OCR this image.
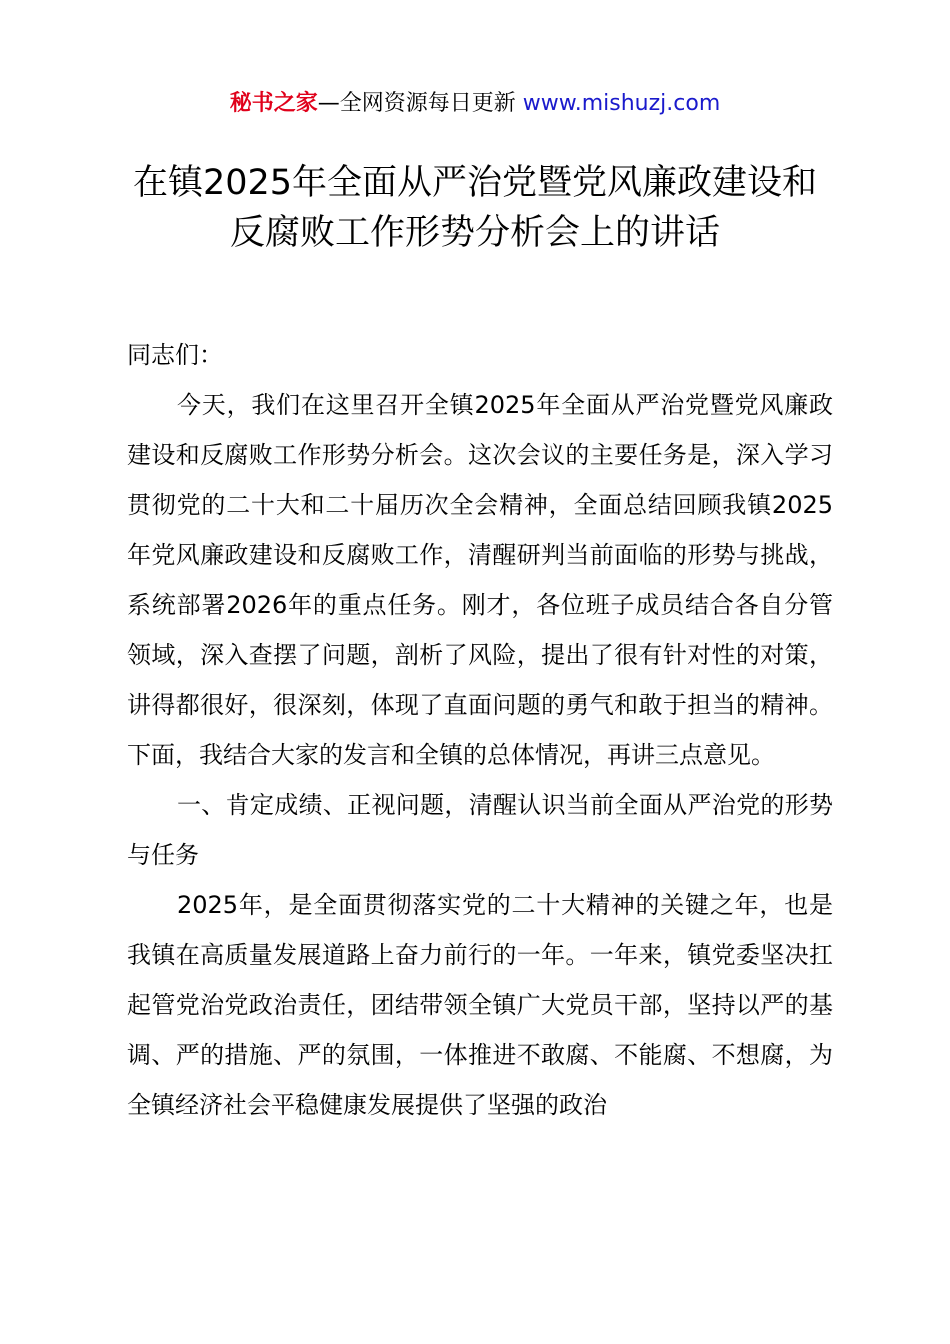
秘书之家—全网资源每日更新 www.mishuzj.com
在镇2025年全面从严治党暨党风廉政建设和
反腐败工作形势分析会上的讲话

同志们：

今天，我们在这里召开全镇2025年全面从严治党暨党风廉政建设和反腐败工作形势分析会。这次会议的主要任务是，深入学习贯彻党的二十大和二十届历次全会精神，全面总结回顾我镇2025年党风廉政建设和反腐败工作，清醒研判当前面临的形势与挑战，系统部署2026年的重点任务。刚才，各位班子成员结合各自分管领域，深入查摆了问题，剖析了风险，提出了很有针对性的对策，讲得都很好，很深刻，体现了直面问题的勇气和敢于担当的精神。下面，我结合大家的发言和全镇的总体情况，再讲三点意见。

一、肯定成绩、正视问题，清醒认识当前全面从严治党的形势与任务

2025年，是全面贯彻落实党的二十大精神的关键之年，也是我镇在高质量发展道路上奋力前行的一年。一年来，镇党委坚决扛起管党治党政治责任，团结带领全镇广大党员干部，坚持以严的基调、严的措施、严的氛围，一体推进不敢腐、不能腐、不想腐，为全镇经济社会平稳健康发展提供了坚强的政治
